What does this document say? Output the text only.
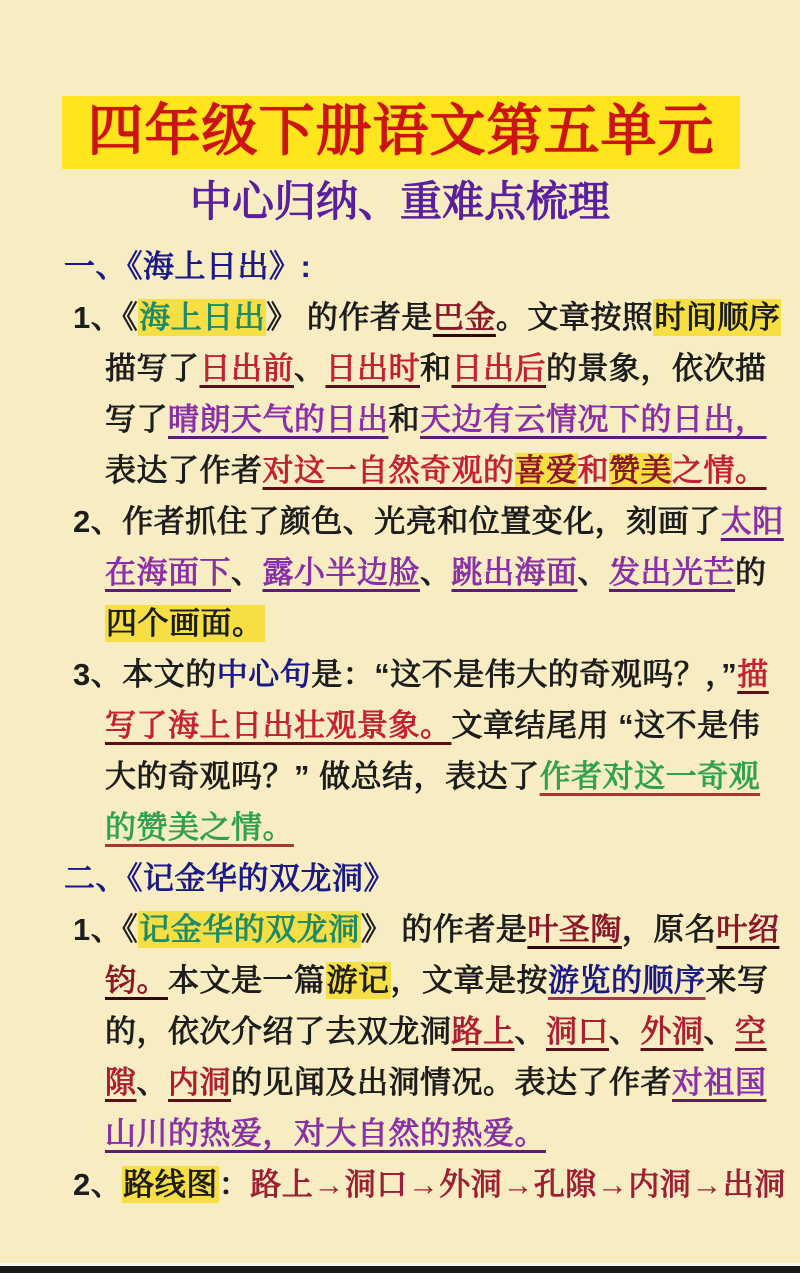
四年级下册语文第五单元
中心归纳、重难点梳理
一、《海上日出》:
1、《海上日出》 的作者是巴金。文章按照时间顺序
描写了日出前、日出时和日出后的景象，依次描
写了晴朗天气的日出和天边有云情况下的日出，
表达了作者对这一自然奇观的喜爱和赞美之情。
2、作者抓住了颜色、光亮和位置变化，刻画了太阳
在海面下、露小半边脸、跳出海面、发出光芒的
四个画面。
3、本文的中心句是：“这不是伟大的奇观吗？，”描
写了海上日出壮观景象。文章结尾用 “这不是伟
大的奇观吗？” 做总结，表达了作者对这一奇观
的赞美之情。
二、《记金华的双龙洞》
1、《记金华的双龙洞》 的作者是叶圣陶，原名叶绍
钧。本文是一篇游记，文章是按游览的顺序来写
的，依次介绍了去双龙洞路上、洞口、外洞、空
隙、内洞的见闻及出洞情况。表达了作者对祖国
山川的热爱，对大自然的热爱。
2、路线图：路上→洞口→外洞→孔隙→内洞→出洞
